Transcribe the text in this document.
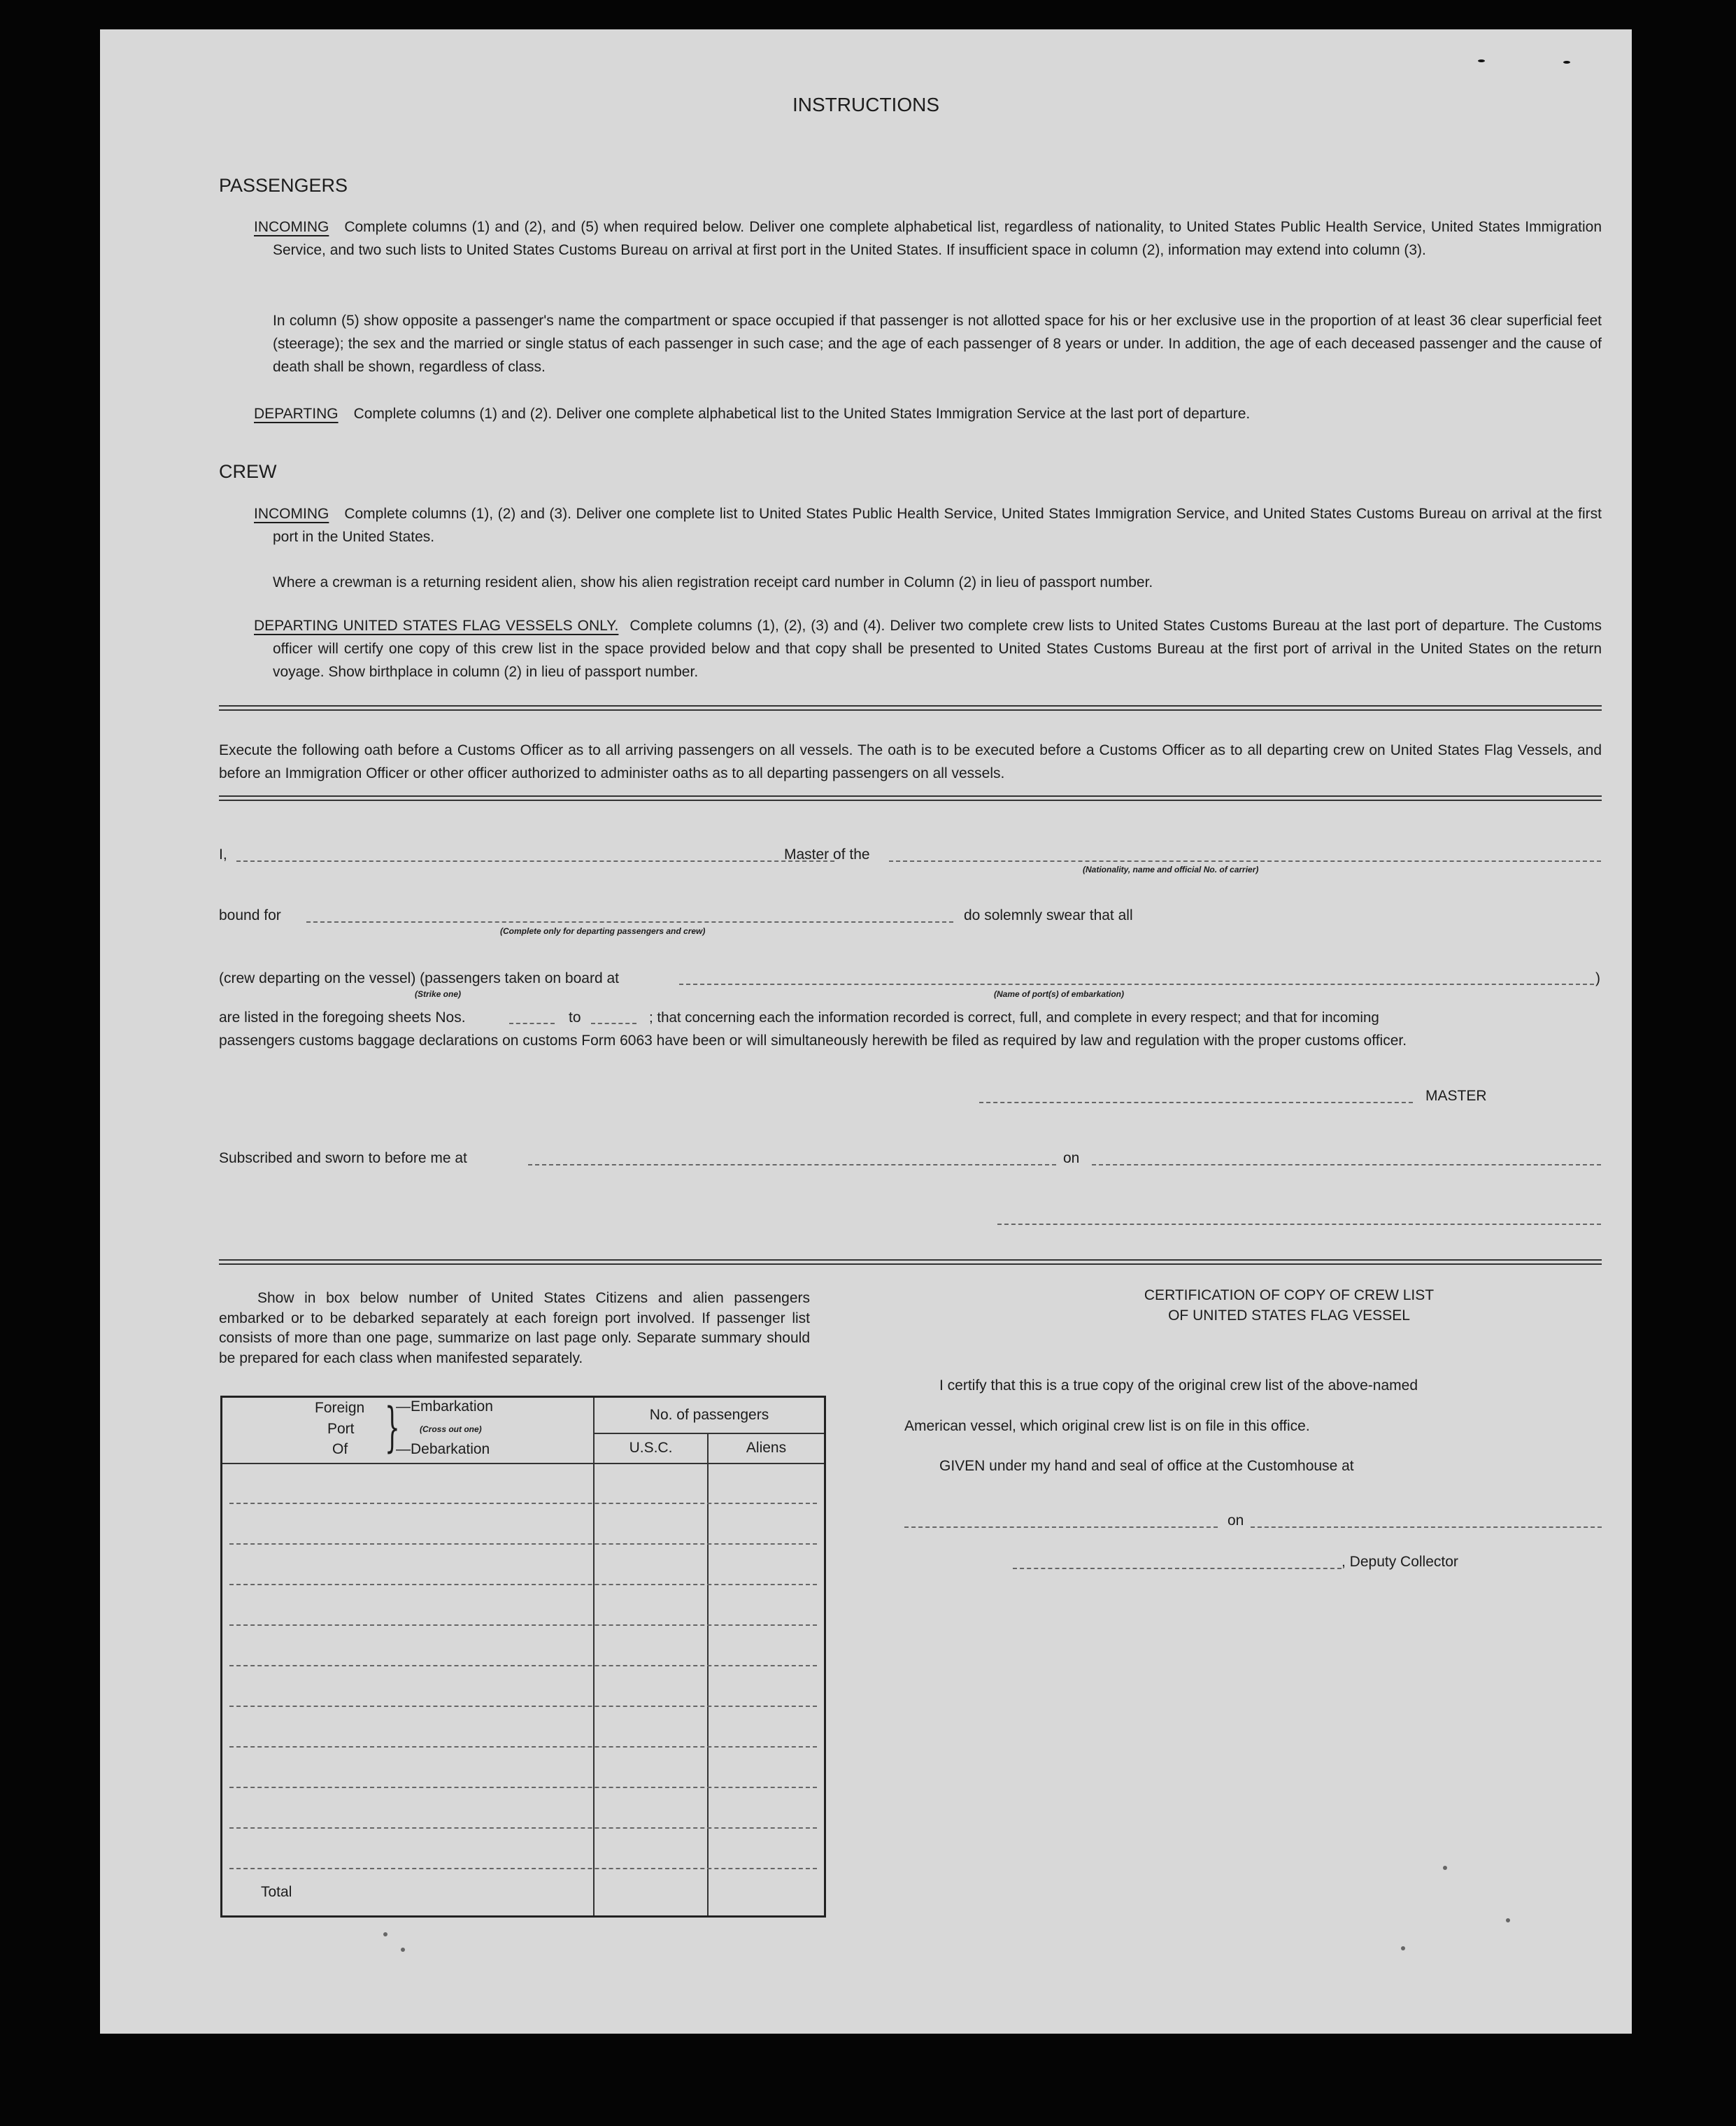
INSTRUCTIONS
PASSENGERS
INCOMING Complete columns (1) and (2), and (5) when required below. Deliver one complete alphabetical list, regardless of nationality, to United States Public Health Service, United States Immigration Service, and two such lists to United States Customs Bureau on arrival at first port in the United States. If insufficient space in column (2), information may extend into column (3).
In column (5) show opposite a passenger's name the compartment or space occupied if that passenger is not allotted space for his or her exclusive use in the proportion of at least 36 clear superficial feet (steerage); the sex and the married or single status of each passenger in such case; and the age of each passenger of 8 years or under. In addition, the age of each deceased passenger and the cause of death shall be shown, regardless of class.
DEPARTING Complete columns (1) and (2). Deliver one complete alphabetical list to the United States Immigration Service at the last port of departure.
CREW
INCOMING Complete columns (1), (2) and (3). Deliver one complete list to United States Public Health Service, United States Immigration Service, and United States Customs Bureau on arrival at the first port in the United States.
Where a crewman is a returning resident alien, show his alien registration receipt card number in Column (2) in lieu of passport number.
DEPARTING UNITED STATES FLAG VESSELS ONLY. Complete columns (1), (2), (3) and (4). Deliver two complete crew lists to United States Customs Bureau at the last port of departure. The Customs officer will certify one copy of this crew list in the space provided below and that copy shall be presented to United States Customs Bureau at the first port of arrival in the United States on the return voyage. Show birthplace in column (2) in lieu of passport number.
Execute the following oath before a Customs Officer as to all arriving passengers on all vessels. The oath is to be executed before a Customs Officer as to all departing crew on United States Flag Vessels, and before an Immigration Officer or other officer authorized to administer oaths as to all departing passengers on all vessels.
I,	Master of the
(Nationality, name and official No. of carrier)
bound for
(Complete only for departing passengers and crew)
do solemnly swear that all
(crew departing on the vessel) (passengers taken on board at	)
(Strike one)	(Name of port(s) of embarkation)
are listed in the foregoing sheets Nos.	to	; that concerning each the information recorded is correct, full, and complete in every respect; and that for incoming
passengers customs baggage declarations on customs Form 6063 have been or will simultaneously herewith be filed as required by law and regulation with the proper customs officer.
MASTER
Subscribed and sworn to before me at	on
Show in box below number of United States Citizens and alien passengers embarked or to be debarked separately at each foreign port involved. If passenger list consists of more than one page, summarize on last page only. Separate summary should be prepared for each class when manifested separately.
Foreign
Port
Of }
—Embarkation
(Cross out one)
—Debarkation
No. of passengers
U.S.C.	Aliens
Total
CERTIFICATION OF COPY OF CREW LIST
OF UNITED STATES FLAG VESSEL
I certify that this is a true copy of the original crew list of the above-named
American vessel, which original crew list is on file in this office.
GIVEN under my hand and seal of office at the Customhouse at
on
, Deputy Collector
